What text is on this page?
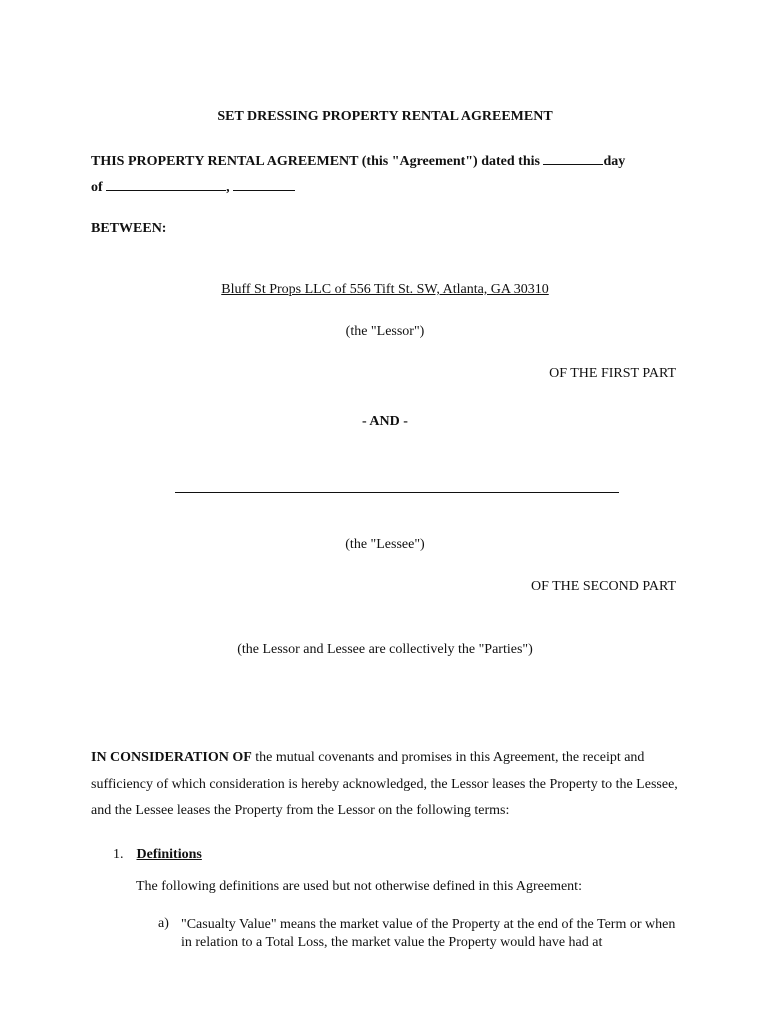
SET DRESSING PROPERTY RENTAL AGREEMENT
THIS PROPERTY RENTAL AGREEMENT (this "Agreement") dated this	day
of	,
BETWEEN:
Bluff St Props LLC of 556 Tift St. SW, Atlanta, GA 30310
(the "Lessor")
OF THE FIRST PART
- AND -
(the "Lessee")
OF THE SECOND PART
(the Lessor and Lessee are collectively the "Parties")
IN CONSIDERATION OF the mutual covenants and promises in this Agreement, the receipt and sufficiency of which consideration is hereby acknowledged, the Lessor leases the Property to the Lessee, and the Lessee leases the Property from the Lessor on the following terms:
1. Definitions
The following definitions are used but not otherwise defined in this Agreement:
a) "Casualty Value" means the market value of the Property at the end of the Term or when in relation to a Total Loss, the market value the Property would have had at
